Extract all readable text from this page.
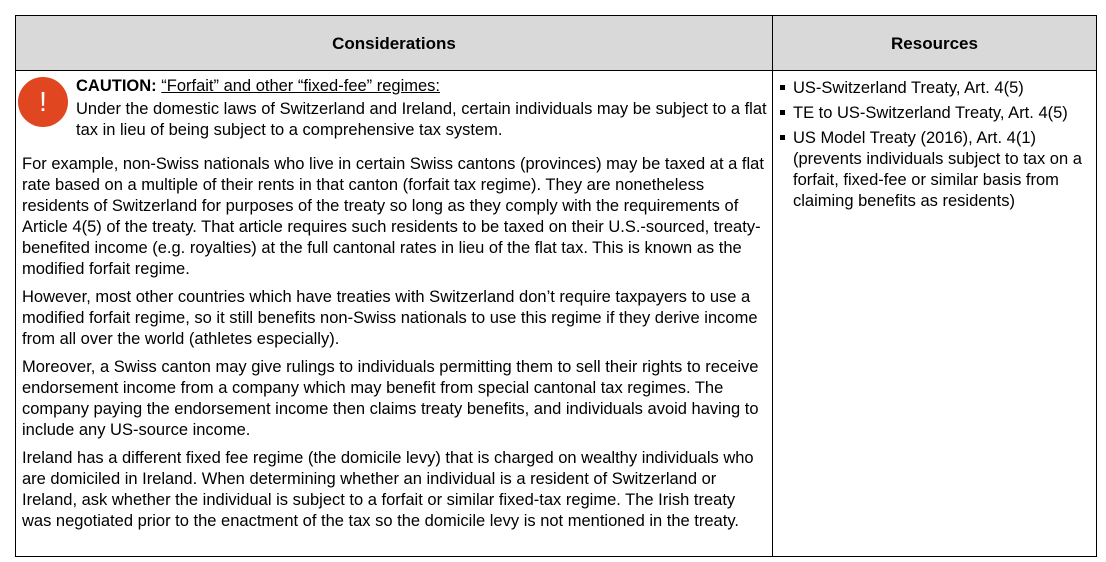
Considerations	Resources
!	CAUTION: “Forfait” and other “fixed-fee” regimes:

Under the domestic laws of Switzerland and Ireland, certain individuals may be subject to a flat tax in lieu of being subject to a comprehensive tax system.

For example, non-Swiss nationals who live in certain Swiss cantons (provinces) may be taxed at a flat rate based on a multiple of their rents in that canton (forfait tax regime). They are nonetheless residents of Switzerland for purposes of the treaty so long as they comply with the requirements of Article 4(5) of the treaty. That article requires such residents to be taxed on their U.S.-sourced, treaty-benefited income (e.g. royalties) at the full cantonal rates in lieu of the flat tax. This is known as the modified forfait regime.

However, most other countries which have treaties with Switzerland don’t require taxpayers to use a modified forfait regime, so it still benefits non-Swiss nationals to use this regime if they derive income from all over the world (athletes especially).

Moreover, a Swiss canton may give rulings to individuals permitting them to sell their rights to receive endorsement income from a company which may benefit from special cantonal tax regimes. The company paying the endorsement income then claims treaty benefits, and individuals avoid having to include any US-source income.

Ireland has a different fixed fee regime (the domicile levy) that is charged on wealthy individuals who are domiciled in Ireland. When determining whether an individual is a resident of Switzerland or Ireland, ask whether the individual is subject to a forfait or similar fixed-tax regime. The Irish treaty was negotiated prior to the enactment of the tax so the domicile levy is not mentioned in the treaty.

US-Switzerland Treaty, Art. 4(5)
TE to US-Switzerland Treaty, Art. 4(5)
US Model Treaty (2016), Art. 4(1) (prevents individuals subject to tax on a forfait, fixed-fee or similar basis from claiming benefits as residents)
